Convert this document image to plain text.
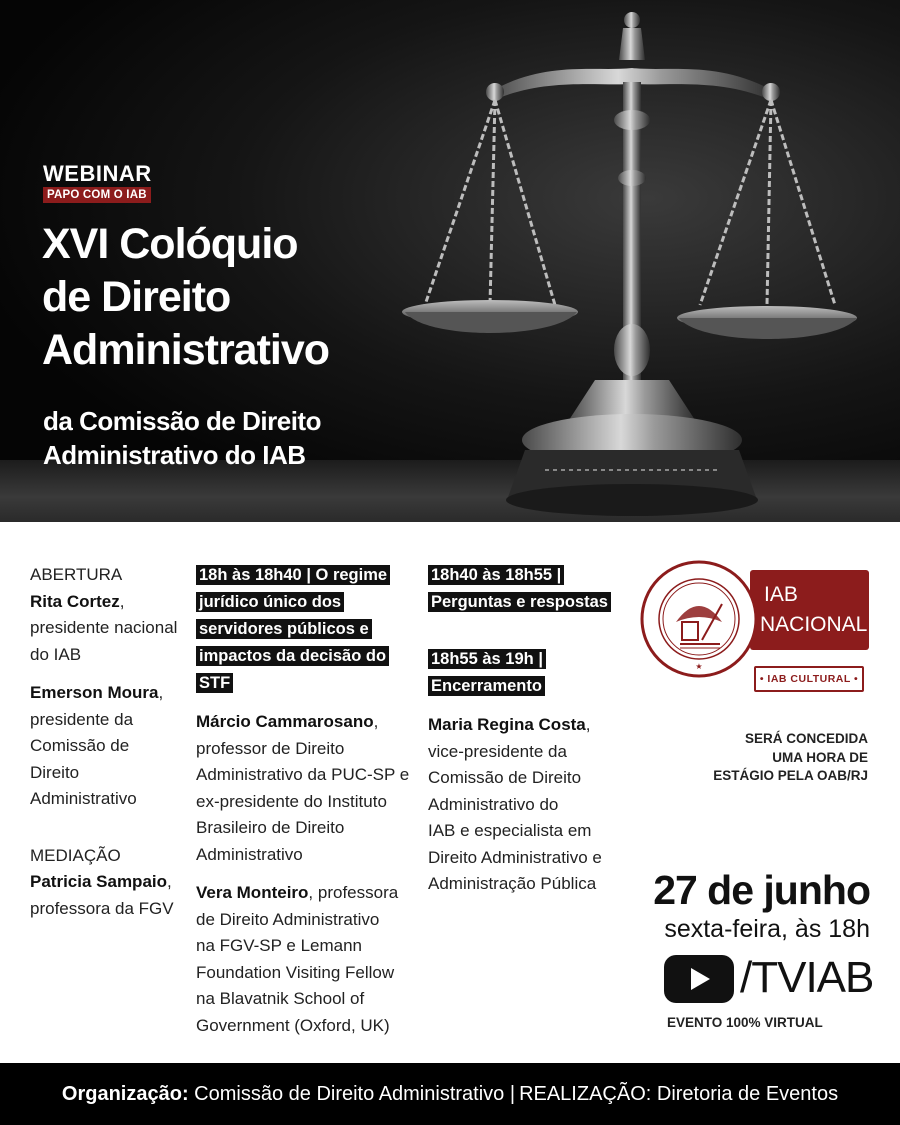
WEBINAR
PAPO COM O IAB
XVI Colóquio
de Direito
Administrativo
da Comissão de Direito
Administrativo do IAB
ABERTURA
Rita Cortez,
presidente nacional
do IAB
Emerson Moura,
presidente da
Comissão de Direito
Administrativo
MEDIAÇÃO
Patricia Sampaio,
professora da FGV
18h às 18h40 | O regime
jurídico único dos
servidores públicos e
impactos da decisão do STF
Márcio Cammarosano,
professor de Direito
Administrativo da PUC-SP e
ex-presidente do Instituto
Brasileiro de Direito
Administrativo
Vera Monteiro, professora
de Direito Administrativo
na FGV-SP e Lemann
Foundation Visiting Fellow
na Blavatnik School of
Government (Oxford, UK)
18h40 às 18h55 |
Perguntas e respostas
18h55 às 19h |
Encerramento
Maria Regina Costa,
vice-presidente da
Comissão de Direito
Administrativo do
IAB e especialista em
Direito Administrativo e
Administração Pública
IAB
NACIONAL
★
• IAB CULTURAL •
SERÁ CONCEDIDA
UMA HORA DE
ESTÁGIO PELA OAB/RJ
27 de junho
sexta-feira, às 18h
/TVIAB
EVENTO 100% VIRTUAL
Organização: Comissão de Direito Administrativo | REALIZAÇÃO: Diretoria de Eventos
